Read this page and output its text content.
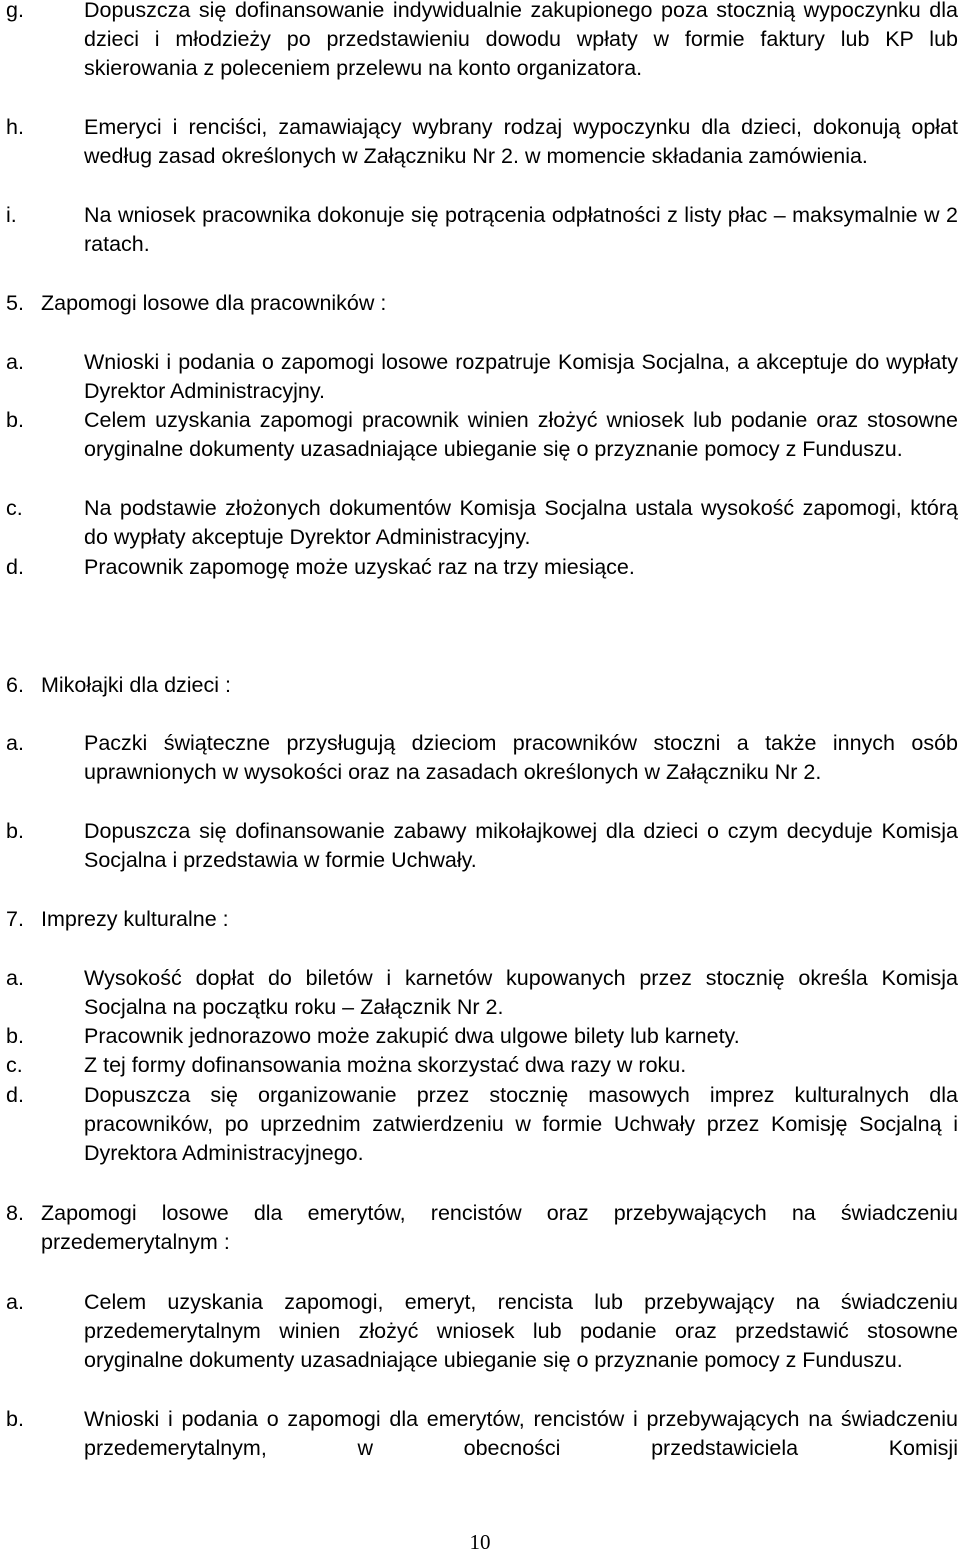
g.	Dopuszcza się dofinansowanie indywidualnie zakupionego poza stocznią wypoczynku dla dzieci i młodzieży po przedstawieniu dowodu wpłaty w formie faktury lub KP lub skierowania z poleceniem przelewu na konto organizatora.
h.	Emeryci i renciści, zamawiający wybrany rodzaj wypoczynku dla dzieci, dokonują opłat według zasad określonych w Załączniku Nr 2. w momencie składania zamówienia.
i.	Na wniosek pracownika dokonuje się potrącenia odpłatności z listy płac – maksymalnie w 2 ratach.
5. Zapomogi losowe dla pracowników :
a.	Wnioski i podania o zapomogi losowe rozpatruje Komisja Socjalna, a akceptuje do wypłaty Dyrektor Administracyjny.
b.	Celem uzyskania zapomogi pracownik winien złożyć wniosek lub podanie oraz stosowne oryginalne dokumenty uzasadniające ubieganie się o przyznanie pomocy z Funduszu.
c.	Na podstawie złożonych dokumentów Komisja Socjalna ustala wysokość zapomogi, którą do wypłaty akceptuje Dyrektor Administracyjny.
d.	Pracownik zapomogę może uzyskać raz na trzy miesiące.
6. Mikołajki dla dzieci :
a.	Paczki świąteczne przysługują dzieciom pracowników stoczni a także innych osób uprawnionych w wysokości oraz na zasadach określonych w Załączniku Nr 2.
b.	Dopuszcza się dofinansowanie zabawy mikołajkowej dla dzieci o czym decyduje Komisja Socjalna i przedstawia w formie Uchwały.
7. Imprezy kulturalne :
a.	Wysokość dopłat do biletów i karnetów kupowanych przez stocznię określa Komisja Socjalna na początku roku – Załącznik Nr 2.
b.	Pracownik jednorazowo może zakupić dwa ulgowe bilety lub karnety.
c.	Z tej formy dofinansowania można skorzystać dwa razy w roku.
d.	Dopuszcza się organizowanie przez stocznię masowych imprez kulturalnych dla pracowników, po uprzednim zatwierdzeniu w formie Uchwały przez Komisję Socjalną i Dyrektora Administracyjnego.
8. Zapomogi losowe dla emerytów, rencistów oraz przebywających na świadczeniu przedemerytalnym :
a.	Celem uzyskania zapomogi, emeryt, rencista lub przebywający na świadczeniu przedemerytalnym winien złożyć wniosek lub podanie oraz przedstawić stosowne oryginalne dokumenty uzasadniające ubieganie się o przyznanie pomocy z Funduszu.
b.	Wnioski i podania o zapomogi dla emerytów, rencistów i przebywających na świadczeniu przedemerytalnym, w obecności przedstawiciela Komisji
10
